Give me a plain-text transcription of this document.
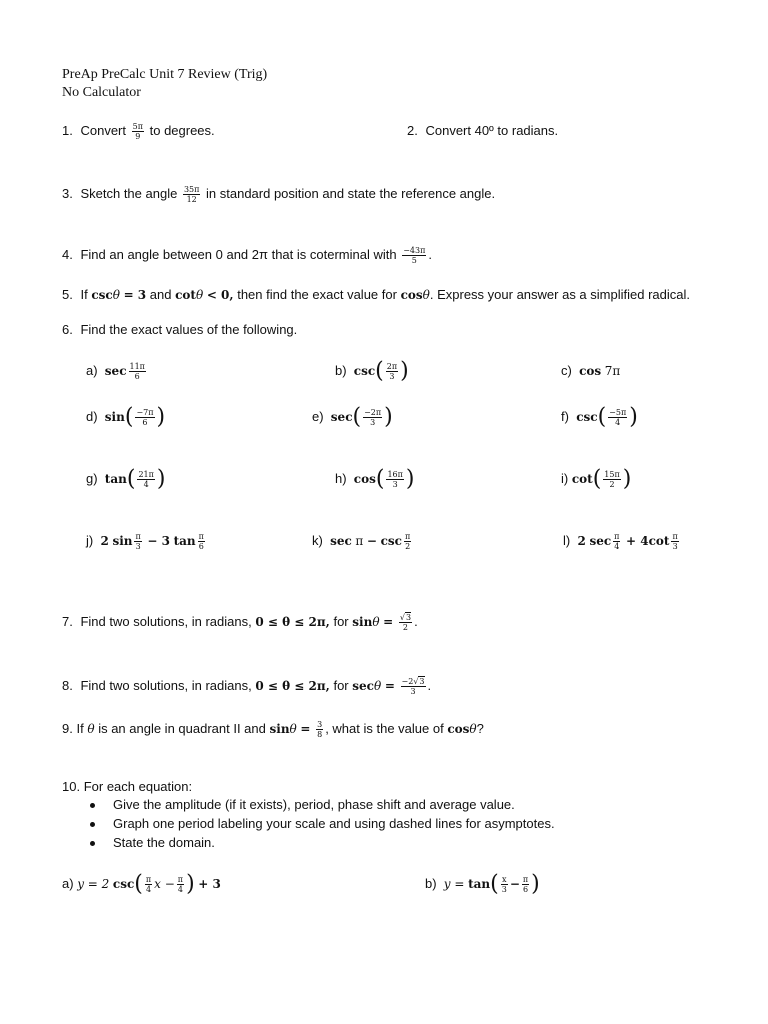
PreAp PreCalc Unit 7 Review (Trig)
No Calculator
1. Convert $\frac{5\pi}{9}$ to degrees.	2. Convert 40º to radians.
3. Sketch the angle $\frac{35\pi}{12}$ in standard position and state the reference angle.
4. Find an angle between 0 and 2π that is coterminal with $\frac{-43\pi}{5}$ .
5. If cscθ = 3 and cotθ < 0, then find the exact value for cosθ. Express your answer as a simplified radical.
6. Find the exact values of the following.
a) $\sec \frac{11\pi}{6}$	b) $\csc( \frac{2\pi}{3}$ )	c) cos 7π
d) $\sin( \frac{-7\pi}{6}$ )	e) $\sec( \frac{-2\pi}{3}$ )	f) $\csc( \frac{-5\pi}{4}$ )
g) $\tan( \frac{21\pi}{4}$ )	h) $\cos( \frac{16\pi}{3}$ )	i) $\cot( \frac{15\pi}{2}$ )
j) 2 $\sin \frac{\pi}{3} - 3$ $\tan \frac{\pi}{6}$	k) $\sec \pi - \csc \frac{\pi}{2}$	l) 2 $\sec \frac{\pi}{4} + 4\cot \frac{\pi}{3}$
7. Find two solutions, in radians, 0 ≤ θ ≤ 2π, for $\sin\theta = \frac{√3}{2}$ .
8. Find two solutions, in radians, 0 ≤ θ ≤ 2π, for $\sec\theta = \frac{-2√3}{3}$ .
9. If θ is an angle in quadrant II and $\sin\theta = \frac{3}{8}$ , what is the value of cosθ?
10. For each equation:
Give the amplitude (if it exists), period, phase shift and average value.
Graph one period labeling your scale and using dashed lines for asymptotes.
State the domain.
a) y = 2 $\csc( \frac{\pi}{4}$ $x - \frac{\pi}{4}$ ) + 3	b) $y = \tan( \frac{x}{3} - \frac{\pi}{6}$ )
